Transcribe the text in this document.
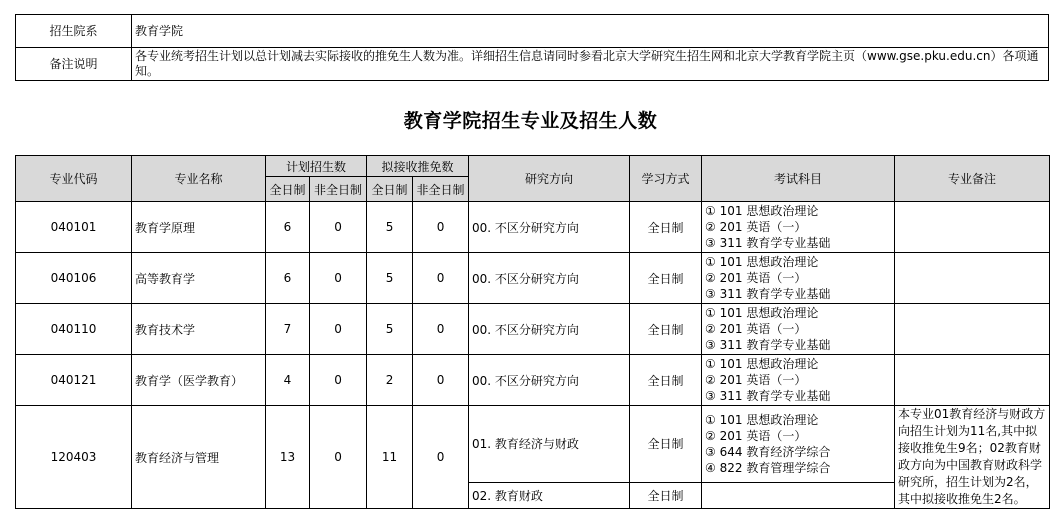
招生院系	教育学院
备注说明	各专业统考招生计划以总计划减去实际接收的推免生人数为准。详细招生信息请同时参看北京大学研究生招生网和北京大学教育学院主页（www.gse.pku.edu.cn）各项通知。
教育学院招生专业及招生人数
专业代码	专业名称	计划招生数		拟接收推免数		研究方向	学习方式	考试科目	专业备注
		全日制	非全日制	全日制	非全日制				
040101	教育学原理	6	0	5	0	00. 不区分研究方向	全日制	① 101 思想政治理论
② 201 英语（一）
③ 311 教育学专业基础	

040106	高等教育学	6	0	5	0	00. 不区分研究方向	全日制	① 101 思想政治理论
② 201 英语（一）
③ 311 教育学专业基础	

040110	教育技术学	7	0	5	0	00. 不区分研究方向	全日制	① 101 思想政治理论
② 201 英语（一）
③ 311 教育学专业基础	

040121	教育学（医学教育）	4	0	2	0	00. 不区分研究方向	全日制	① 101 思想政治理论
② 201 英语（一）
③ 311 教育学专业基础	

120403	教育经济与管理	13	0	11	0	01. 教育经济与财政	全日制	① 101 思想政治理论
② 201 英语（一）
③ 644 教育经济学综合
④ 822 教育管理学综合	本专业01教育经济与财政方向招生计划为11名,其中拟接收推免生9名；02教育财政方向为中国教育财政科学研究所，招生计划为2名，其中拟接收推免生2名。
						02. 教育财政	全日制		
